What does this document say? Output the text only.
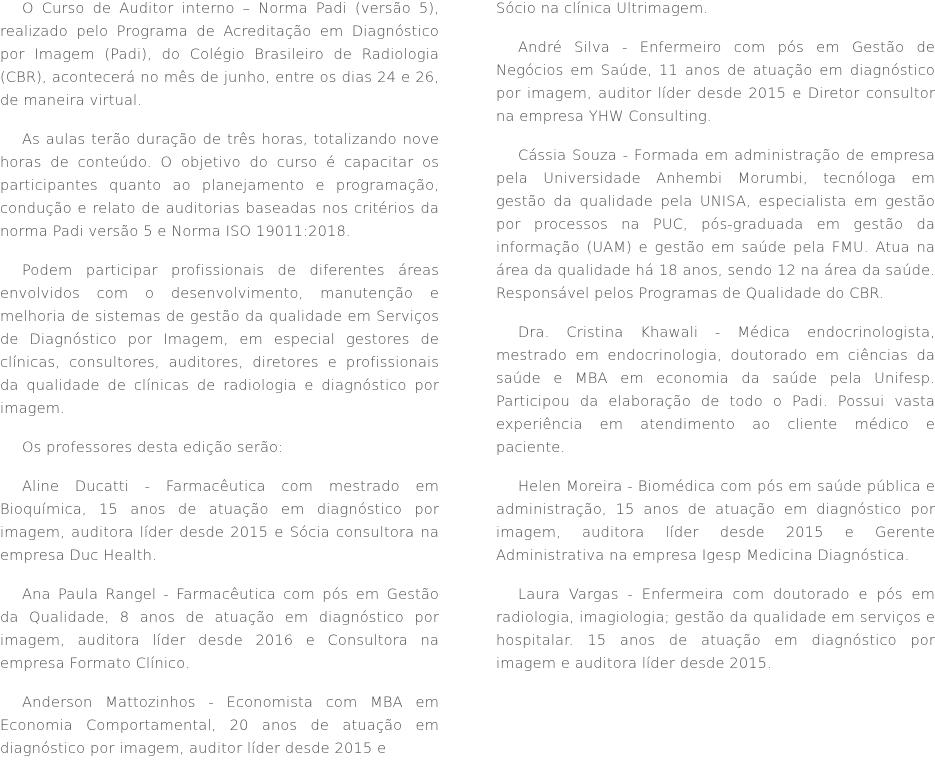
O Curso de Auditor interno – Norma Padi (versão 5), realizado pelo Programa de Acreditação em Diagnóstico por Imagem (Padi), do Colégio Brasileiro de Radiologia (CBR), acontecerá no mês de junho, entre os dias 24 e 26, de maneira virtual.

As aulas terão duração de três horas, totalizando nove horas de conteúdo. O objetivo do curso é capacitar os participantes quanto ao planejamento e programação, condução e relato de auditorias baseadas nos critérios da norma Padi versão 5 e Norma ISO 19011:2018.

Podem participar profissionais de diferentes áreas envolvidos com o desenvolvimento, manutenção e melhoria de sistemas de gestão da qualidade em Serviços de Diagnóstico por Imagem, em especial gestores de clínicas, consultores, auditores, diretores e profissionais da qualidade de clínicas de radiologia e diagnóstico por imagem.

Os professores desta edição serão:

Aline Ducatti - Farmacêutica com mestrado em Bioquímica, 15 anos de atuação em diagnóstico por imagem, auditora líder desde 2015 e Sócia consultora na empresa Duc Health.

Ana Paula Rangel - Farmacêutica com pós em Gestão da Qualidade, 8 anos de atuação em diagnóstico por imagem, auditora líder desde 2016 e Consultora na empresa Formato Clínico.

Anderson Mattozinhos - Economista com MBA em Economia Comportamental, 20 anos de atuação em diagnóstico por imagem, auditor líder desde 2015 e

Sócio na clínica Ultrimagem.

André Silva - Enfermeiro com pós em Gestão de Negócios em Saúde, 11 anos de atuação em diagnóstico por imagem, auditor líder desde 2015 e Diretor consultor na empresa YHW Consulting.

Cássia Souza - Formada em administração de empresa pela Universidade Anhembi Morumbi, tecnóloga em gestão da qualidade pela UNISA, especialista em gestão por processos na PUC, pós-graduada em gestão da informação (UAM) e gestão em saúde pela FMU. Atua na área da qualidade há 18 anos, sendo 12 na área da saúde. Responsável pelos Programas de Qualidade do CBR.

Dra. Cristina Khawali - Médica endocrinologista, mestrado em endocrinologia, doutorado em ciências da saúde e MBA em economia da saúde pela Unifesp. Participou da elaboração de todo o Padi. Possui vasta experiência em atendimento ao cliente médico e paciente.

Helen Moreira - Biomédica com pós em saúde pública e administração, 15 anos de atuação em diagnóstico por imagem, auditora líder desde 2015 e Gerente Administrativa na empresa Igesp Medicina Diagnóstica.

Laura Vargas - Enfermeira com doutorado e pós em radiologia, imagiologia; gestão da qualidade em serviços e hospitalar. 15 anos de atuação em diagnóstico por imagem e auditora líder desde 2015.
